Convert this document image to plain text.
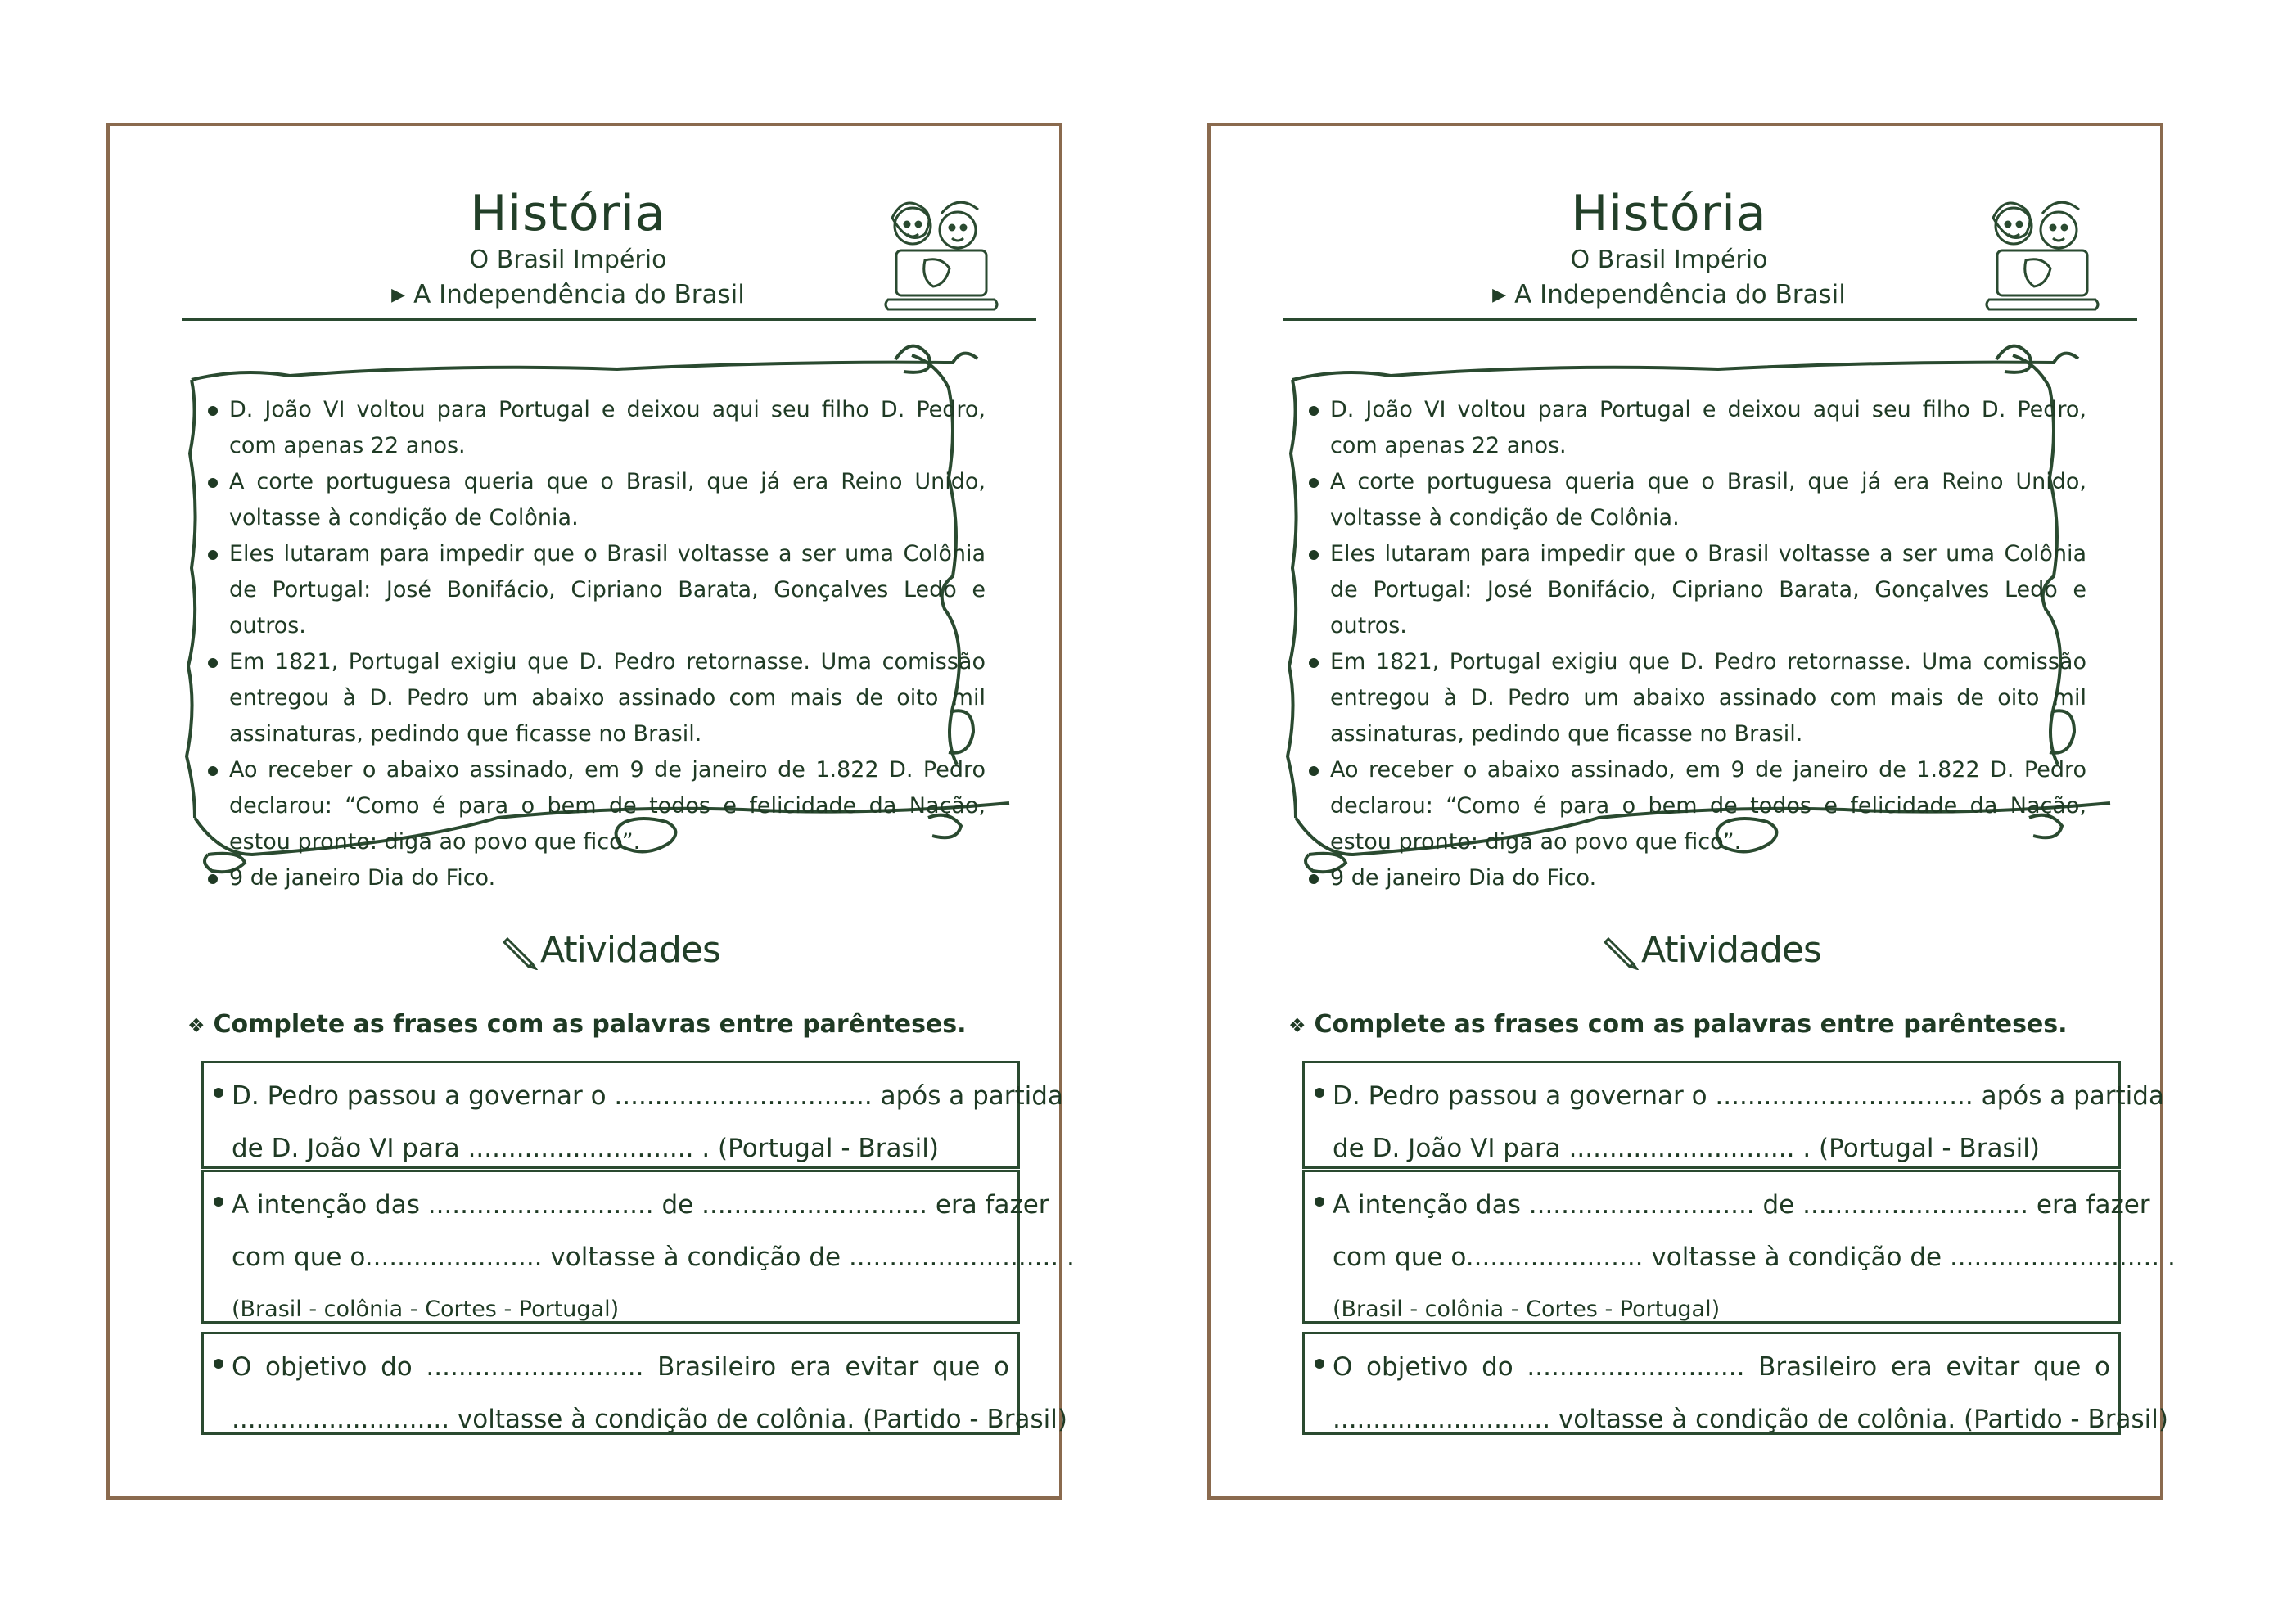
História
O Brasil Império
▶ A Independência do Brasil
D. João VI voltou para Portugal e deixou aqui seu filho D. Pedro, com apenas 22 anos.
A corte portuguesa queria que o Brasil, que já era Reino Unido, voltasse à condição de Colônia.
Eles lutaram para impedir que o Brasil voltasse a ser uma Colônia de Portugal: José Bonifácio, Cipriano Barata, Gonçalves Ledo e outros.
Em 1821, Portugal exigiu que D. Pedro retornasse. Uma comissão entregou à D. Pedro um abaixo assinado com mais de oito mil assinaturas, pedindo que ficasse no Brasil.
Ao receber o abaixo assinado, em 9 de janeiro de 1.822 D. Pedro declarou: “Como é para o bem de todos e felicidade da Nação, estou pronto: diga ao povo que fico”.
9 de janeiro Dia do Fico.
Atividades
❖ Complete as frases com as palavras entre parênteses.
D. Pedro passou a governar o ................................ após a partida
de D. João VI para ............................ . (Portugal - Brasil)
A intenção das ............................ de ............................ era fazer
com que o...................... voltasse à condição de .......................... .
(Brasil - colônia - Cortes - Portugal)
O objetivo do ........................... Brasileiro era evitar que o
........................... voltasse à condição de colônia. (Partido - Brasil)
História
O Brasil Império
▶ A Independência do Brasil
D. João VI voltou para Portugal e deixou aqui seu filho D. Pedro, com apenas 22 anos.
A corte portuguesa queria que o Brasil, que já era Reino Unido, voltasse à condição de Colônia.
Eles lutaram para impedir que o Brasil voltasse a ser uma Colônia de Portugal: José Bonifácio, Cipriano Barata, Gonçalves Ledo e outros.
Em 1821, Portugal exigiu que D. Pedro retornasse. Uma comissão entregou à D. Pedro um abaixo assinado com mais de oito mil assinaturas, pedindo que ficasse no Brasil.
Ao receber o abaixo assinado, em 9 de janeiro de 1.822 D. Pedro declarou: “Como é para o bem de todos e felicidade da Nação, estou pronto: diga ao povo que fico”.
9 de janeiro Dia do Fico.
Atividades
❖ Complete as frases com as palavras entre parênteses.
D. Pedro passou a governar o ................................ após a partida
de D. João VI para ............................ . (Portugal - Brasil)
A intenção das ............................ de ............................ era fazer
com que o...................... voltasse à condição de .......................... .
(Brasil - colônia - Cortes - Portugal)
O objetivo do ........................... Brasileiro era evitar que o
........................... voltasse à condição de colônia. (Partido - Brasil)
